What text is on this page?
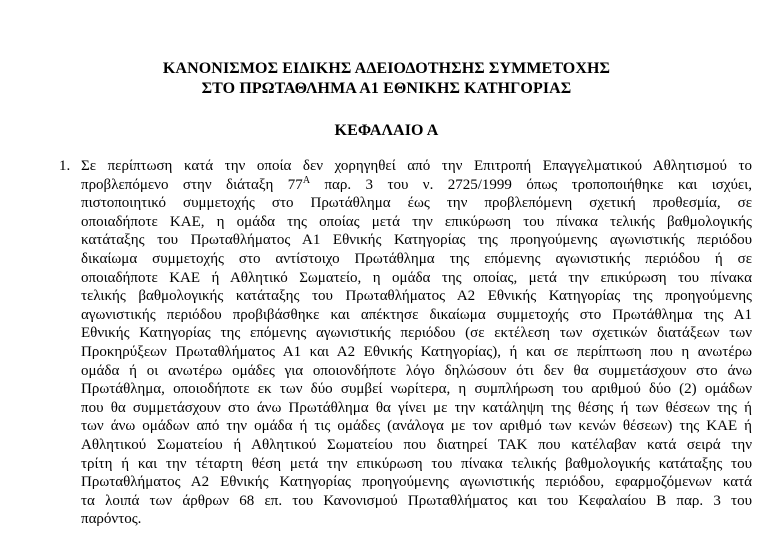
ΚΑΝΟΝΙΣΜΟΣ ΕΙΔΙΚΗΣ ΑΔΕΙΟΔΟΤΗΣΗΣ ΣΥΜΜΕΤΟΧΗΣ
ΣΤΟ ΠΡΩΤΑΘΛΗΜΑ Α1 ΕΘΝΙΚΗΣ ΚΑΤΗΓΟΡΙΑΣ
ΚΕΦΑΛΑΙΟ Α
1. Σε περίπτωση κατά την οποία δεν χορηγηθεί από την Επιτροπή Επαγγελματικού Αθλητισμού το
προβλεπόμενο στην διάταξη $77^A$ παρ. 3 του ν. 2725/1999 όπως τροποποιήθηκε και ισχύει,
πιστοποιητικό συμμετοχής στο Πρωτάθλημα έως την προβλεπόμενη σχετική προθεσμία, σε
οποιαδήποτε ΚΑΕ, η ομάδα της οποίας μετά την επικύρωση του πίνακα τελικής βαθμολογικής
κατάταξης του Πρωταθλήματος Α1 Εθνικής Κατηγορίας της προηγούμενης αγωνιστικής περιόδου
δικαίωμα συμμετοχής στο αντίστοιχο Πρωτάθλημα της επόμενης αγωνιστικής περιόδου ή σε
οποιαδήποτε ΚΑΕ ή Αθλητικό Σωματείο, η ομάδα της οποίας, μετά την επικύρωση του πίνακα
τελικής βαθμολογικής κατάταξης του Πρωταθλήματος Α2 Εθνικής Κατηγορίας της προηγούμενης
αγωνιστικής περιόδου προβιβάσθηκε και απέκτησε δικαίωμα συμμετοχής στο Πρωτάθλημα της Α1
Εθνικής Κατηγορίας της επόμενης αγωνιστικής περιόδου (σε εκτέλεση των σχετικών διατάξεων των
Προκηρύξεων Πρωταθλήματος Α1 και Α2 Εθνικής Κατηγορίας), ή και σε περίπτωση που η ανωτέρω
ομάδα ή οι ανωτέρω ομάδες για οποιονδήποτε λόγο δηλώσουν ότι δεν θα συμμετάσχουν στο άνω
Πρωτάθλημα, οποιοδήποτε εκ των δύο συμβεί νωρίτερα, η συμπλήρωση του αριθμού δύο (2) ομάδων
που θα συμμετάσχουν στο άνω Πρωτάθλημα θα γίνει με την κατάληψη της θέσης ή των θέσεων της ή
των άνω ομάδων από την ομάδα ή τις ομάδες (ανάλογα με τον αριθμό των κενών θέσεων) της ΚΑΕ ή
Αθλητικού Σωματείου ή Αθλητικού Σωματείου που διατηρεί ΤΑΚ που κατέλαβαν κατά σειρά την
τρίτη ή και την τέταρτη θέση μετά την επικύρωση του πίνακα τελικής βαθμολογικής κατάταξης του
Πρωταθλήματος Α2 Εθνικής Κατηγορίας προηγούμενης αγωνιστικής περιόδου, εφαρμοζόμενων κατά
τα λοιπά των άρθρων 68 επ. του Κανονισμού Πρωταθλήματος και του Κεφαλαίου Β παρ. 3 του
παρόντος.
